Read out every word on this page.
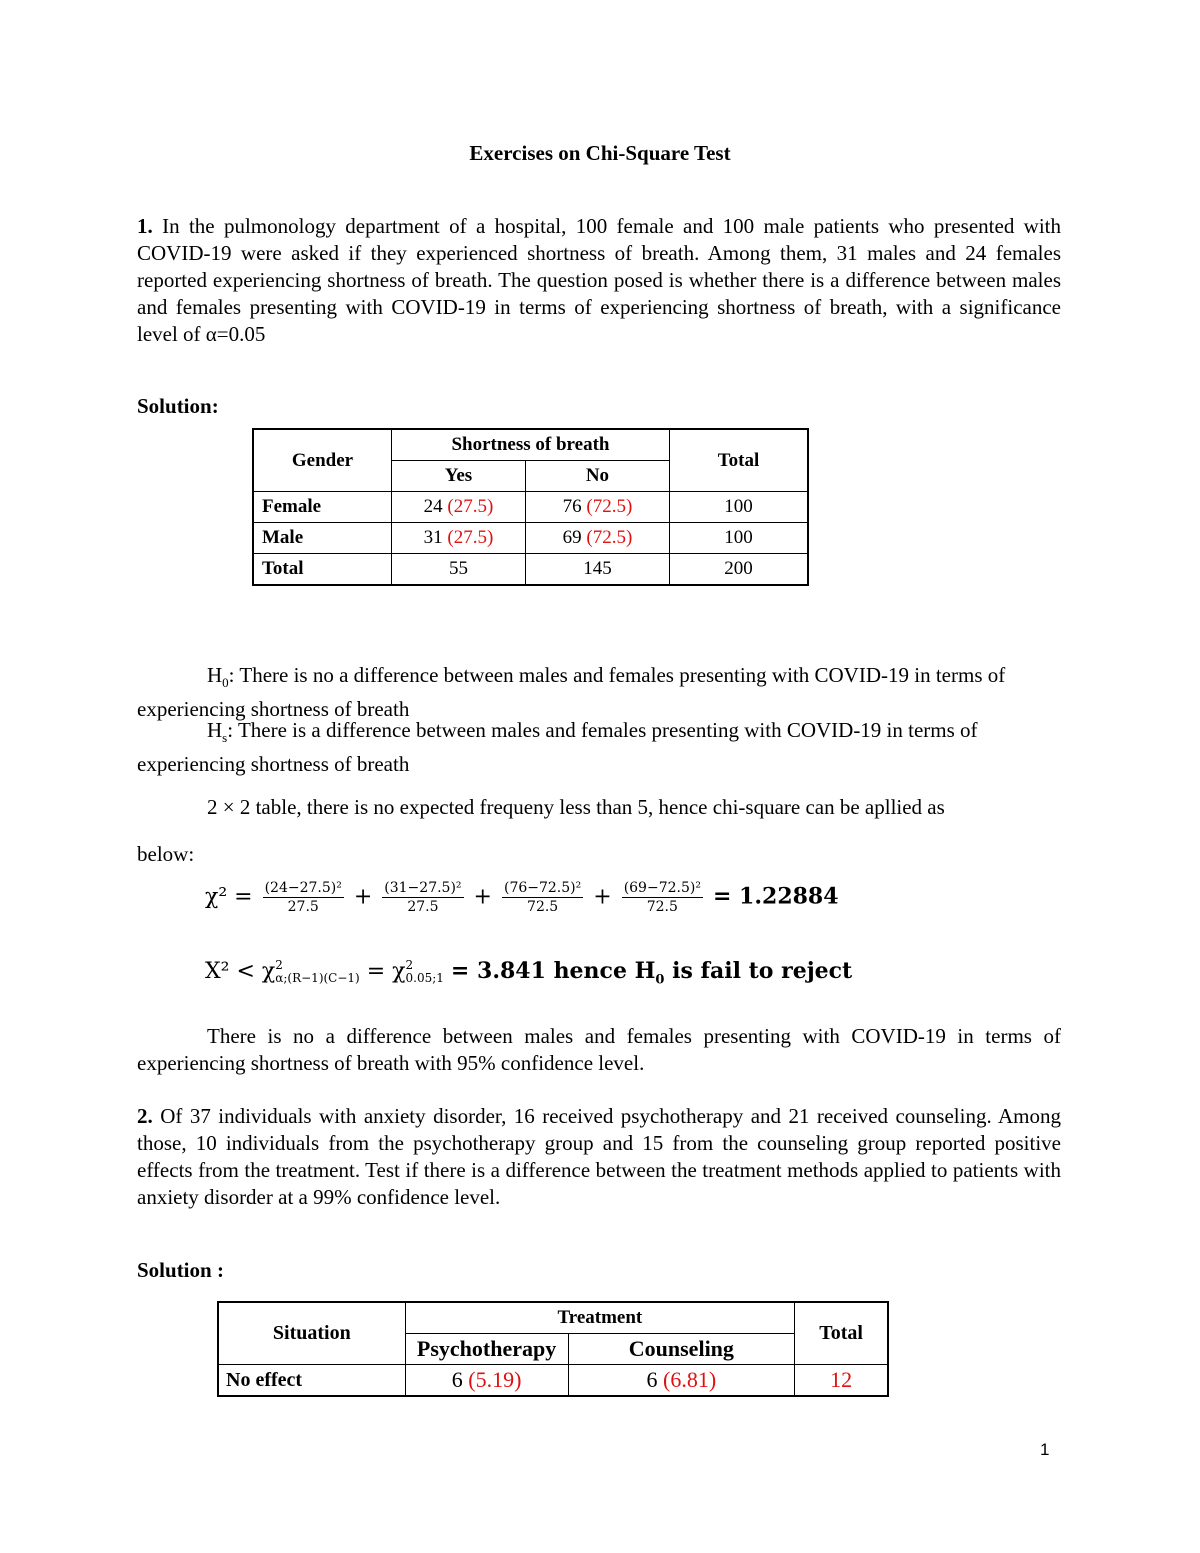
Exercises on Chi-Square Test
1. In the pulmonology department of a hospital, 100 female and 100 male patients who presented with COVID-19 were asked if they experienced shortness of breath. Among them, 31 males and 24 females reported experiencing shortness of breath. The question posed is whether there is a difference between males and females presenting with COVID-19 in terms of experiencing shortness of breath, with a significance level of α=0.05
Solution:
Gender	Shortness of breath		Total
	Yes	No	
Female	24 (27.5)	76 (72.5)	100
Male	31 (27.5)	69 (72.5)	100
Total	55	145	200
$H_0$: There is no a difference between males and females presenting with COVID-19 in terms of experiencing shortness of breath
$H_s$: There is a difference between males and females presenting with COVID-19 in terms of experiencing shortness of breath
2 × 2 table, there is no expected frequeny less than 5, hence chi-square can be apllied as
below:
$\chi^2 = \frac{\text{(24−27.5)²}}{27.5} + \frac{\text{(31−27.5)²}}{27.5} + \frac{\text{(76−72.5)²}}{72.5} + \frac{\text{(69−72.5)²}}{72.5} = 1.22884$
X² < χ 2
α;(R−1)(C−1) = χ 2
0.05;1 = 3.841 hence $H_0$ is fail to reject
There is no a difference between males and females presenting with COVID-19 in terms of experiencing shortness of breath with 95% confidence level.
2. Of 37 individuals with anxiety disorder, 16 received psychotherapy and 21 received counseling. Among those, 10 individuals from the psychotherapy group and 15 from the counseling group reported positive effects from the treatment. Test if there is a difference between the treatment methods applied to patients with anxiety disorder at a 99% confidence level.
Solution :
Situation	Treatment		Total
	Psychotherapy	Counseling	
No effect	6 (5.19)	6 (6.81)	12
1
